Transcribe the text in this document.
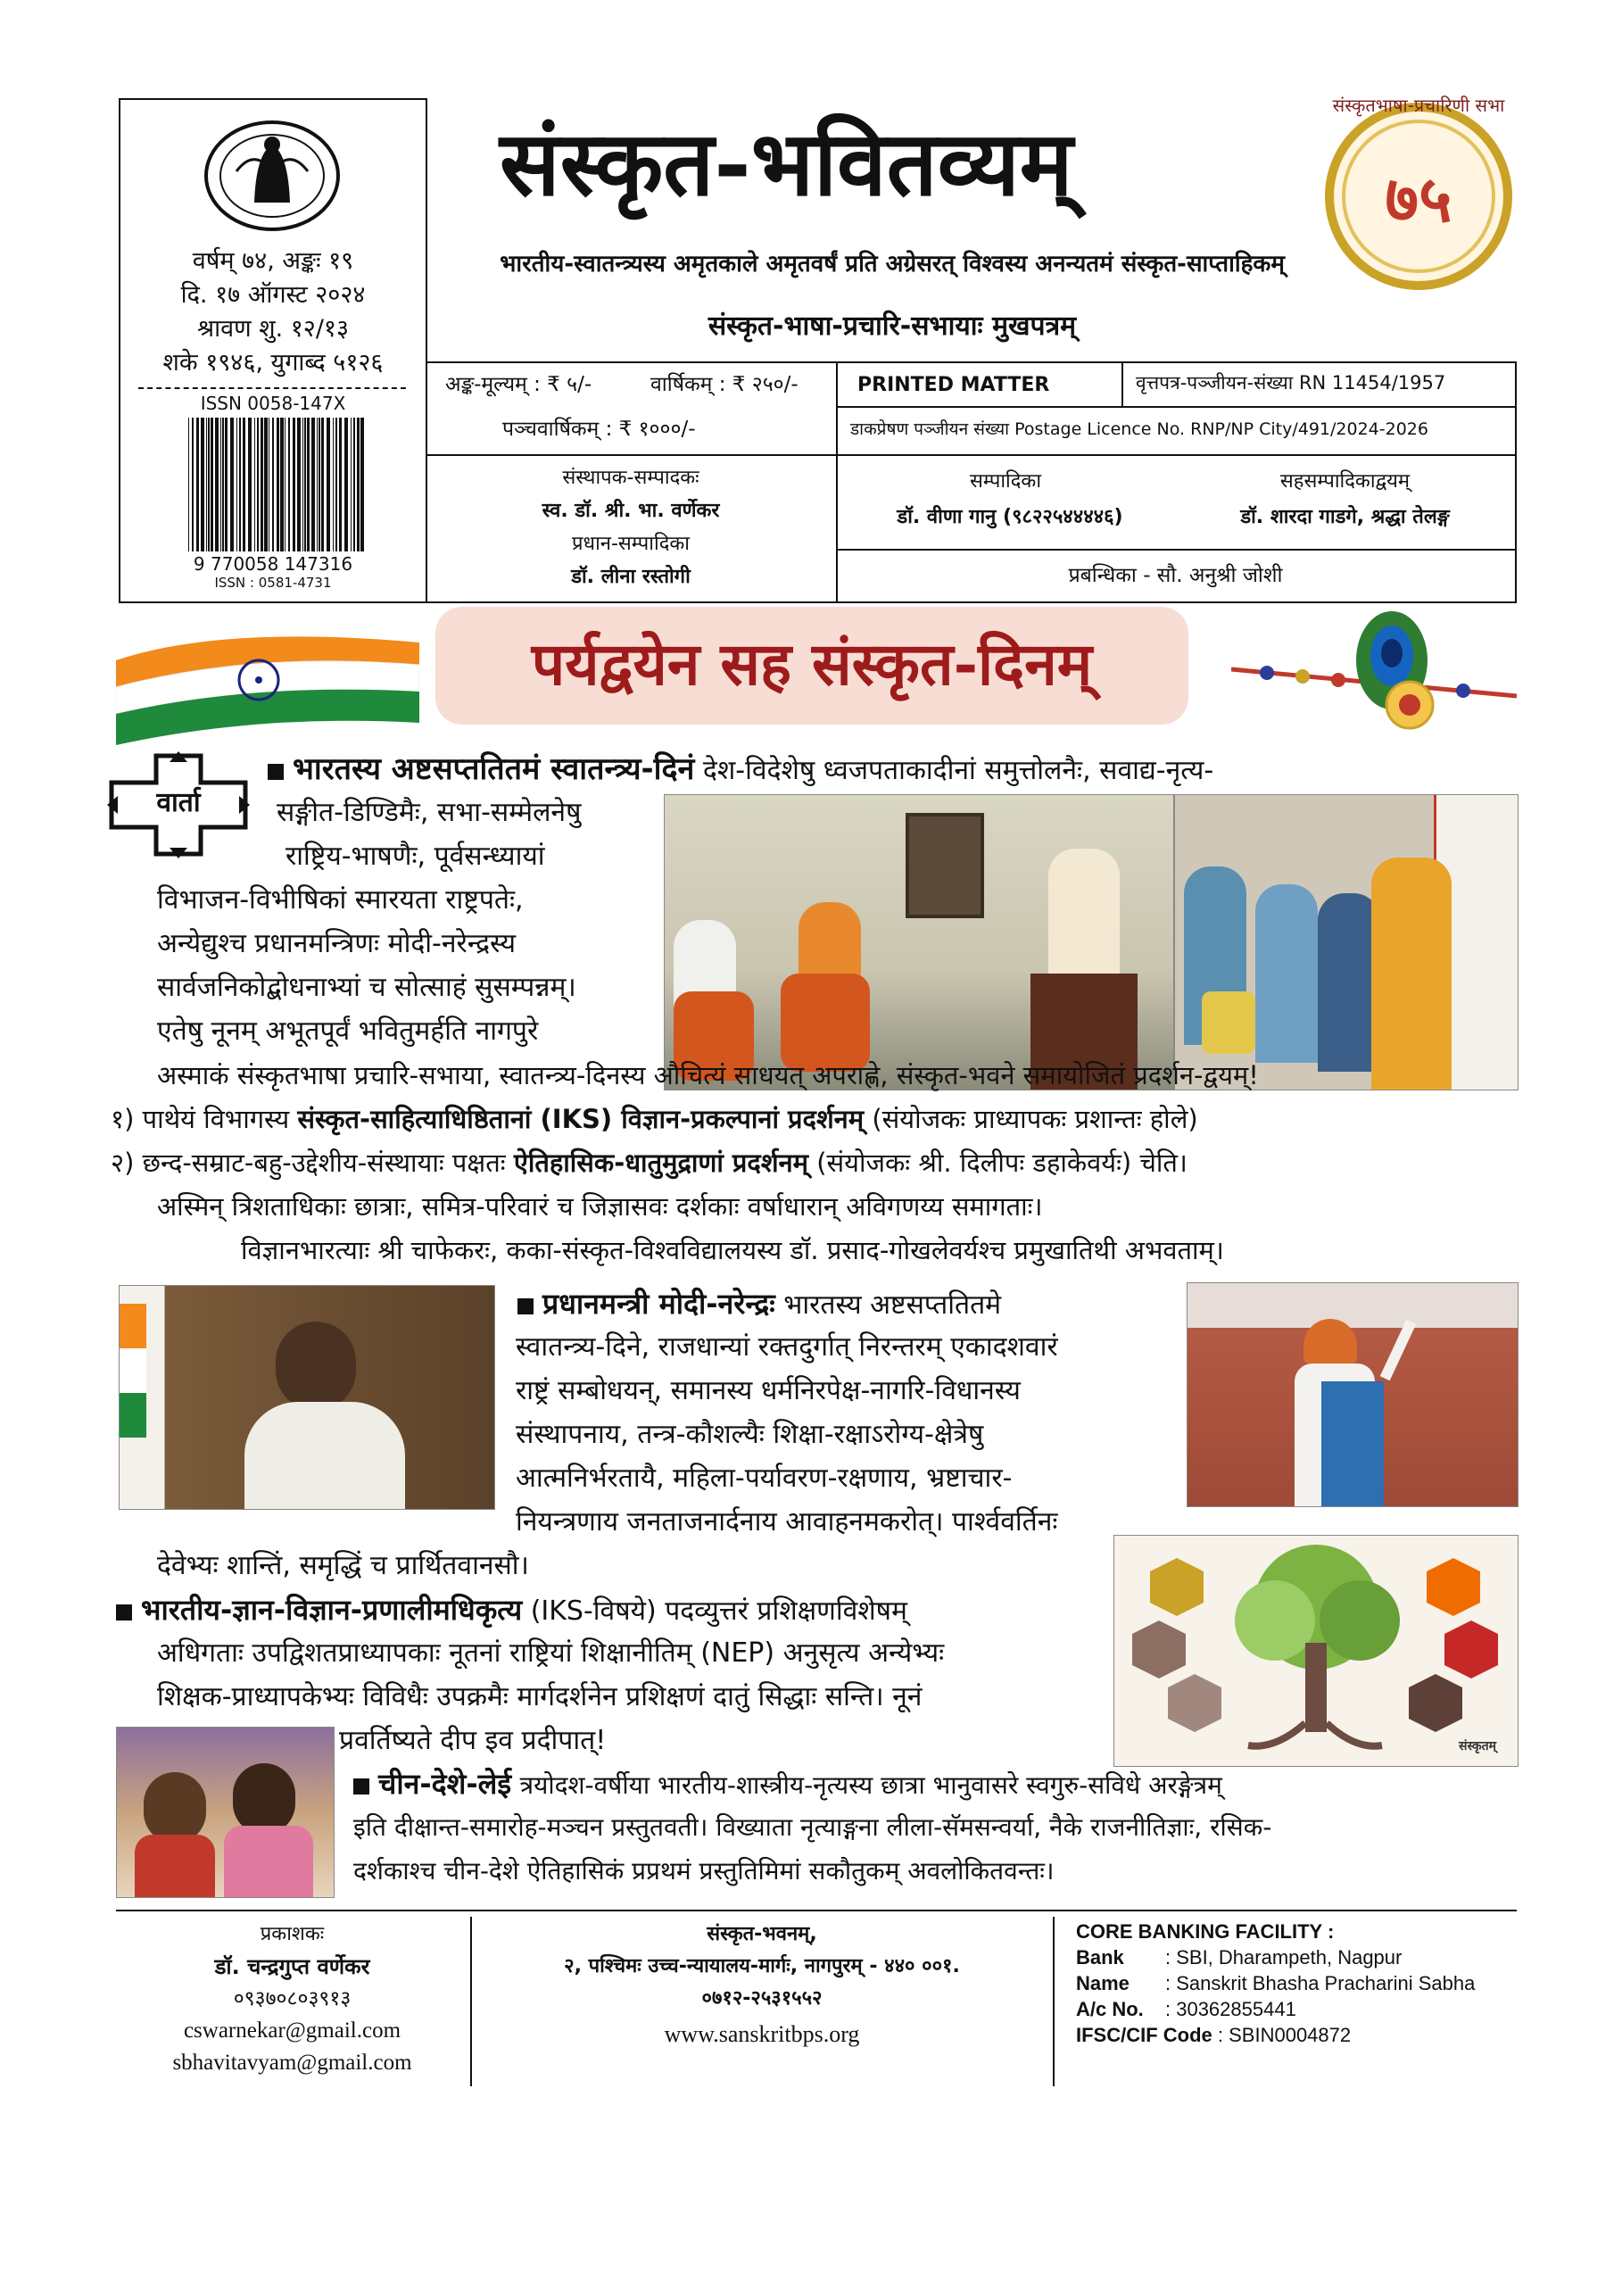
वर्षम् ७४, अङ्कः १९
दि. १७ ऑगस्ट २०२४
श्रावण शु. १२/१३
शके १९४६, युगाब्द ५१२६
ISSN 0058-147X
9 770058 147316
ISSN : 0581-4731
संस्कृत-भवितव्यम्
भारतीय-स्वातन्त्र्यस्य अमृतकाले अमृतवर्षं प्रति अग्रेसरत् विश्वस्य अनन्यतमं संस्कृत-साप्ताहिकम्
संस्कृत-भाषा-प्रचारि-सभायाः मुखपत्रम्
७५
संस्कृतभाषा-प्रचारिणी सभा
अङ्क-मूल्यम् : ₹ ५/-	वार्षिकम् : ₹ २५०/-
पञ्चवार्षिकम् : ₹ १०००/-
PRINTED MATTER	वृत्तपत्र-पञ्जीयन-संख्या RN 11454/1957
डाकप्रेषण पञ्जीयन संख्या Postage Licence No. RNP/NP City/491/2024-2026
संस्थापक-सम्पादकः
स्व. डॉ. श्री. भा. वर्णेकर
प्रधान-सम्पादिका
डॉ. लीना रस्तोगी
सम्पादिका
डॉ. वीणा गानु (९८२२५४४४४६)
सहसम्पादिकाद्वयम्
डॉ. शारदा गाडगे, श्रद्धा तेलङ्ग
प्रबन्धिका - सौ. अनुश्री जोशी
पर्यद्वयेन सह संस्कृत-दिनम्
वार्ता
भारतस्य अष्टसप्ततितमं स्वातन्त्र्य-दिनं देश-विदेशेषु ध्वजपताकादीनां समुत्तोलनैः, सवाद्य-नृत्य-
सङ्गीत-डिण्डिमैः, सभा-सम्मेलनेषु
राष्ट्रिय-भाषणैः, पूर्वसन्ध्यायां
विभाजन-विभीषिकां स्मारयता राष्ट्रपतेः,
अन्येद्युश्च प्रधानमन्त्रिणः मोदी-नरेन्द्रस्य
सार्वजनिकोद्बोधनाभ्यां च सोत्साहं सुसम्पन्नम्।
एतेषु नूनम् अभूतपूर्वं भवितुमर्हति नागपुरे
अस्माकं संस्कृतभाषा प्रचारि-सभाया, स्वातन्त्र्य-दिनस्य औचित्यं साधयत् अपराह्णे, संस्कृत-भवने समायोजितं प्रदर्शन-द्वयम्!
१) पाथेयं विभागस्य संस्कृत-साहित्याधिष्ठितानां (IKS) विज्ञान-प्रकल्पानां प्रदर्शनम् (संयोजकः प्राध्यापकः प्रशान्तः होले)
२) छन्द-सम्राट-बहु-उद्देशीय-संस्थायाः पक्षतः ऐतिहासिक-धातुमुद्राणां प्रदर्शनम् (संयोजकः श्री. दिलीपः डहाकेवर्यः) चेति।
अस्मिन् त्रिशताधिकाः छात्राः, समित्र-परिवारं च जिज्ञासवः दर्शकाः वर्षाधारान् अविगणय्य समागताः।
विज्ञानभारत्याः श्री चाफेकरः, कका-संस्कृत-विश्वविद्यालयस्य डॉ. प्रसाद-गोखलेवर्यश्च प्रमुखातिथी अभवताम्।
प्रधानमन्त्री मोदी-नरेन्द्रः भारतस्य अष्टसप्ततितमे
स्वातन्त्र्य-दिने, राजधान्यां रक्तदुर्गात् निरन्तरम् एकादशवारं
राष्ट्रं सम्बोधयन्, समानस्य धर्मनिरपेक्ष-नागरि-विधानस्य
संस्थापनाय, तन्त्र-कौशल्यैः शिक्षा-रक्षाऽरोग्य-क्षेत्रेषु
आत्मनिर्भरतायै, महिला-पर्यावरण-रक्षणाय, भ्रष्टाचार-
नियन्त्रणाय जनताजनार्दनाय आवाहनमकरोत्। पार्श्ववर्तिनः
देवेभ्यः शान्तिं, समृद्धिं च प्रार्थितवानसौ।
भारतीय-ज्ञान-विज्ञान-प्रणालीमधिकृत्य (IKS-विषये) पदव्युत्तरं प्रशिक्षणविशेषम्
अधिगताः उपद्विशतप्राध्यापकाः नूतनां राष्ट्रियां शिक्षानीतिम् (NEP) अनुसृत्य अन्येभ्यः
शिक्षक-प्राध्यापकेभ्यः विविधैः उपक्रमैः मार्गदर्शनेन प्रशिक्षणं दातुं सिद्धाः सन्ति। नूनं
प्रवर्तिष्यते दीप इव प्रदीपात्!	संस्कृतम्
चीन-देशे-लेई त्रयोदश-वर्षीया भारतीय-शास्त्रीय-नृत्यस्य छात्रा भानुवासरे स्वगुरु-सविधे अरङ्गेत्रम्
इति दीक्षान्त-समारोह-मञ्चन प्रस्तुतवती। विख्याता नृत्याङ्गना लीला-सॅमसन्वर्या, नैके राजनीतिज्ञाः, रसिक-
दर्शकाश्च चीन-देशे ऐतिहासिकं प्रप्रथमं प्रस्तुतिमिमां सकौतुकम् अवलोकितवन्तः।
प्रकाशकः
डॉ. चन्द्रगुप्त वर्णेकर
०९३७०८०३९१३
cswarnekar@gmail.com
sbhavitavyam@gmail.com
संस्कृत-भवनम्,
२, पश्चिमः उच्च-न्यायालय-मार्गः, नागपुरम् - ४४० ००१.
०७१२-२५३१५५२
www.sanskritbps.org
CORE BANKING FACILITY :
Bank : SBI, Dharampeth, Nagpur
Name : Sanskrit Bhasha Pracharini Sabha
A/c No. : 30362855441
IFSC/CIF Code : SBIN0004872
